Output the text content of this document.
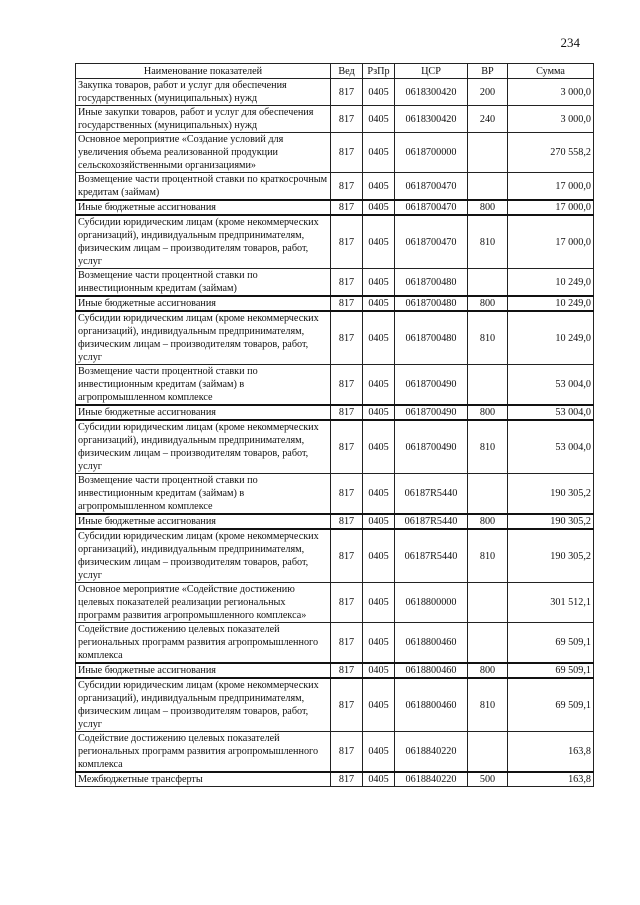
234
Наименование показателей	Вед	РзПр	ЦСР	ВР	Сумма
Закупка товаров, работ и услуг для обеспечения государственных (муниципальных) нужд	817	0405	0618300420	200	3 000,0
Иные закупки товаров, работ и услуг для обеспечения государственных (муниципальных) нужд	817	0405	0618300420	240	3 000,0
Основное мероприятие «Создание условий для увеличения объема реализованной продукции сельскохозяйственными организациями»	817	0405	0618700000		270 558,2
Возмещение части процентной ставки по краткосрочным кредитам (займам)	817	0405	0618700470		17 000,0
Иные бюджетные ассигнования	817	0405	0618700470	800	17 000,0
Субсидии юридическим лицам (кроме некоммерческих организаций), индивидуальным предпринимателям, физическим лицам – производителям товаров, работ, услуг	817	0405	0618700470	810	17 000,0
Возмещение части процентной ставки по инвестиционным кредитам (займам)	817	0405	0618700480		10 249,0
Иные бюджетные ассигнования	817	0405	0618700480	800	10 249,0
Субсидии юридическим лицам (кроме некоммерческих организаций), индивидуальным предпринимателям, физическим лицам – производителям товаров, работ, услуг	817	0405	0618700480	810	10 249,0
Возмещение части процентной ставки по инвестиционным кредитам (займам) в агропромышленном комплексе	817	0405	0618700490		53 004,0
Иные бюджетные ассигнования	817	0405	0618700490	800	53 004,0
Субсидии юридическим лицам (кроме некоммерческих организаций), индивидуальным предпринимателям, физическим лицам – производителям товаров, работ, услуг	817	0405	0618700490	810	53 004,0
Возмещение части процентной ставки по инвестиционным кредитам (займам) в агропромышленном комплексе	817	0405	06187R5440		190 305,2
Иные бюджетные ассигнования	817	0405	06187R5440	800	190 305,2
Субсидии юридическим лицам (кроме некоммерческих организаций), индивидуальным предпринимателям, физическим лицам – производителям товаров, работ, услуг	817	0405	06187R5440	810	190 305,2
Основное мероприятие «Содействие достижению целевых показателей реализации региональных программ развития агропромышленного комплекса»	817	0405	0618800000		301 512,1
Содействие достижению целевых показателей региональных программ развития агропромышленного комплекса	817	0405	0618800460		69 509,1
Иные бюджетные ассигнования	817	0405	0618800460	800	69 509,1
Субсидии юридическим лицам (кроме некоммерческих организаций), индивидуальным предпринимателям, физическим лицам – производителям товаров, работ, услуг	817	0405	0618800460	810	69 509,1
Содействие достижению целевых показателей региональных программ развития агропромышленного комплекса	817	0405	0618840220		163,8
Межбюджетные трансферты	817	0405	0618840220	500	163,8
